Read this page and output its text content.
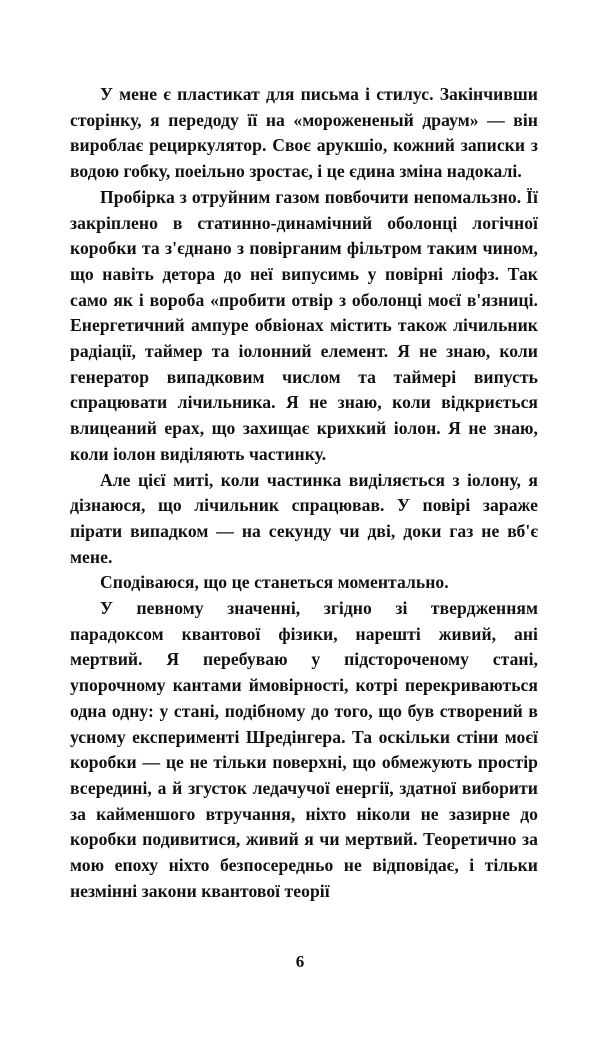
У мене є пластикат для письма і стилус. Закінчивши сторінку, я передоду її на «морожененый драум» — він вироблає рециркулятор. Своє арукшіо, кожний записки з водою гобку, поеільно зростає, і це єдина зміна надокалі.

Пробірка з отруйним газом повбочити непомальзно. Її закріплено в статинно-динамічний оболонці логічної коробки та з'єднано з повірганим фільтром таким чином, що навіть детора до неї випусимь у повірні ліофз. Так само як і вороба «пробити отвір з оболонці моєї в'язниці. Енергетичний ампуре обвіонах містить також лічильник радіації, таймер та іолонний елемент. Я не знаю, коли генератор випадковим числом та таймері випусть спрацювати лічильника. Я не знаю, коли відкриється влицеаний ерах, що захищає крихкий іолон. Я не знаю, коли іолон виділяють частинку.

Але цієї миті, коли частинка виділяється з іолону, я дізнаюся, що лічильник спрацював. У повірі зараже пірати випадком — на секунду чи дві, доки газ не вб'є мене.

Сподіваюся, що це станеться моментально.

У певному значенні, згідно зі твердженням парадоксом квантової фізики, нарешті живий, ані мертвий. Я перебуваю у підстороченому стані, упорочному кантами ймовірності, котрі перекриваються одна одну: у стані, подібному до того, що був створений в усному експерименті Шредінгера. Та оскільки стіни моєї коробки — це не тільки поверхні, що обмежують простір всередині, а й згусток ледачучої енергії, здатної виборити за кайменшого втручання, ніхто ніколи не зазирне до коробки подивитися, живий я чи мертвий. Теоретично за мою епоху ніхто безпосередньо не відповідає, і тільки незмінні закони квантової теорії

6
